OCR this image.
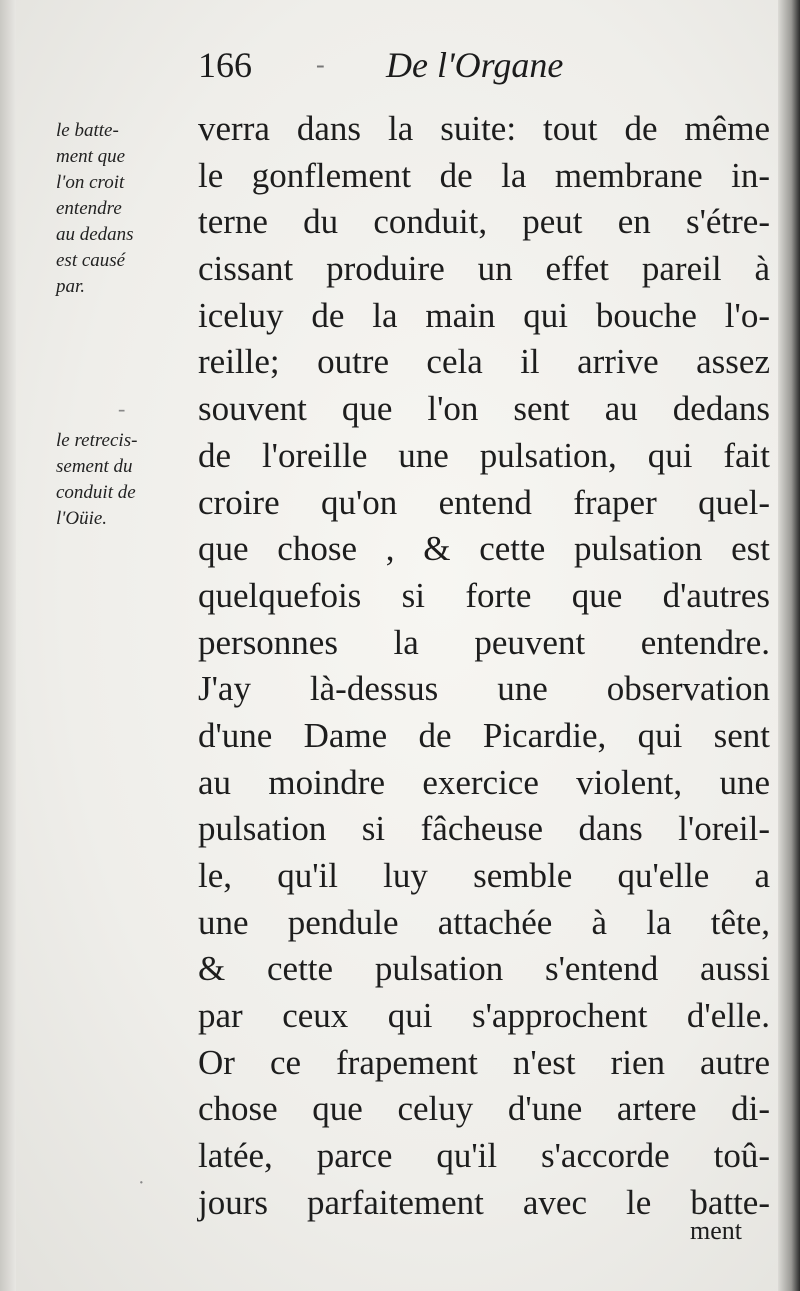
166 - De l'Organe
le batte-
ment que
l'on croit
entendre
au dedans
est causé
par.
le retrecis-
sement du
conduit de
l'Oüie.
-
·
verra dans la suite: tout de même
le gonflement de la membrane in-
terne du conduit, peut en s'étre-
cissant produire un effet pareil à
iceluy de la main qui bouche l'o-
reille; outre cela il arrive assez
souvent que l'on sent au dedans
de l'oreille une pulsation, qui fait
croire qu'on entend fraper quel-
que chose , & cette pulsation est
quelquefois si forte que d'autres
personnes la peuvent entendre.
J'ay là-dessus une observation
d'une Dame de Picardie, qui sent
au moindre exercice violent, une
pulsation si fâcheuse dans l'oreil-
le, qu'il luy semble qu'elle a
une pendule attachée à la tête,
& cette pulsation s'entend aussi
par ceux qui s'approchent d'elle.
Or ce frapement n'est rien autre
chose que celuy d'une artere di-
latée, parce qu'il s'accorde toû-
jours parfaitement avec le batte-
ment
